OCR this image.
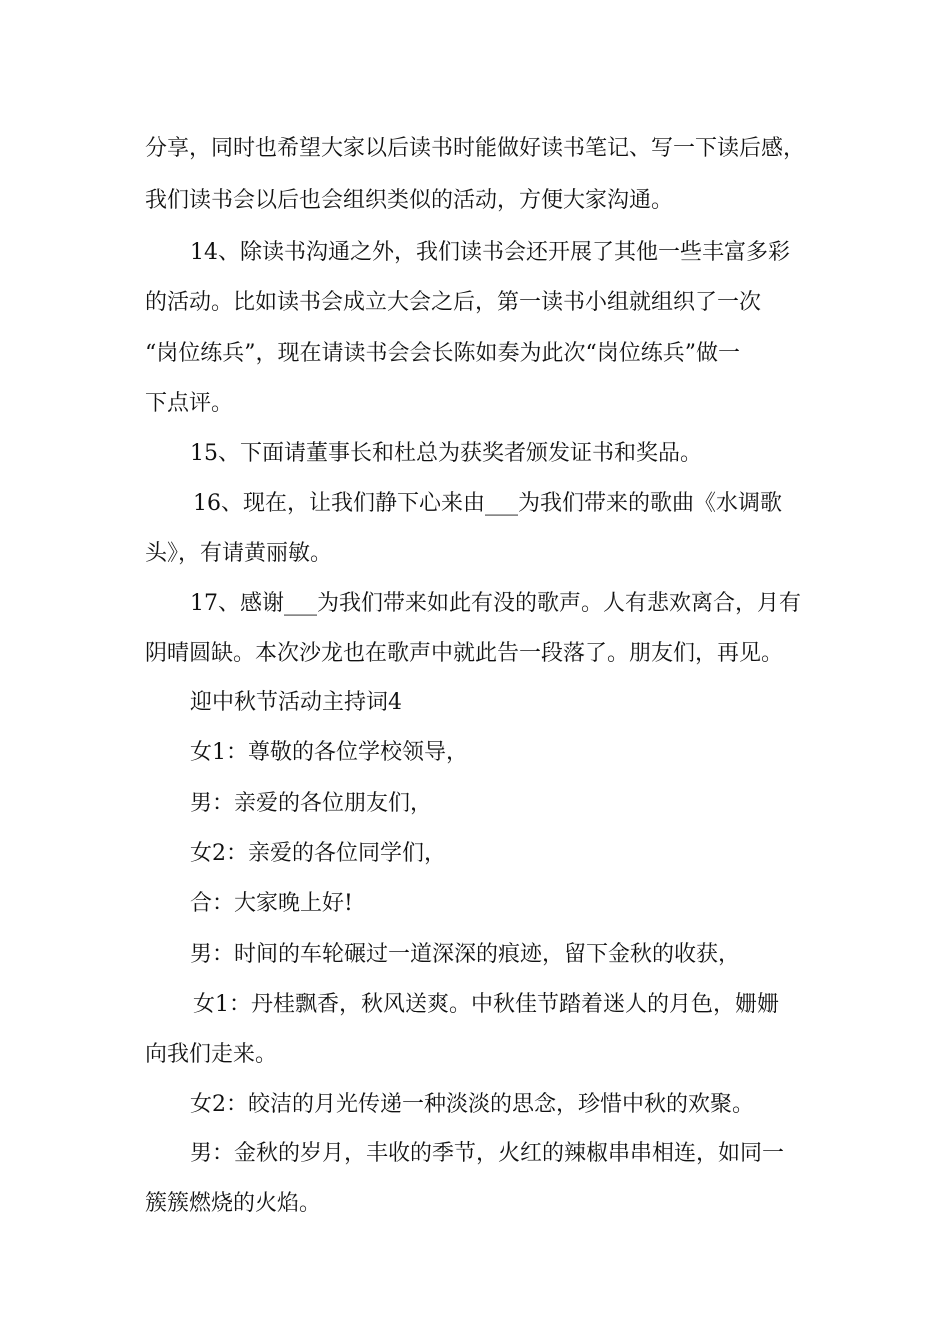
分享，同时也希望大家以后读书时能做好读书笔记、写一下读后感，
我们读书会以后也会组织类似的活动，方便大家沟通。
14、除读书沟通之外，我们读书会还开展了其他一些丰富多彩
的活动。比如读书会成立大会之后，第一读书小组就组织了一次
“岗位练兵”，现在请读书会会长陈如奏为此次“岗位练兵”做一
下点评。
15、下面请董事长和杜总为获奖者颁发证书和奖品。
16、现在，让我们静下心来由___为我们带来的歌曲《水调歌
头》，有请黄丽敏。
17、感谢___为我们带来如此有没的歌声。人有悲欢离合，月有
阴晴圆缺。本次沙龙也在歌声中就此告一段落了。朋友们，再见。
迎中秋节活动主持词4
女1：尊敬的各位学校领导，
男：亲爱的各位朋友们，
女2：亲爱的各位同学们，
合：大家晚上好!
男：时间的车轮碾过一道深深的痕迹，留下金秋的收获，
女1：丹桂飘香，秋风送爽。中秋佳节踏着迷人的月色，姗姗
向我们走来。
女2：皎洁的月光传递一种淡淡的思念，珍惜中秋的欢聚。
男：金秋的岁月，丰收的季节，火红的辣椒串串相连，如同一
簇簇燃烧的火焰。
